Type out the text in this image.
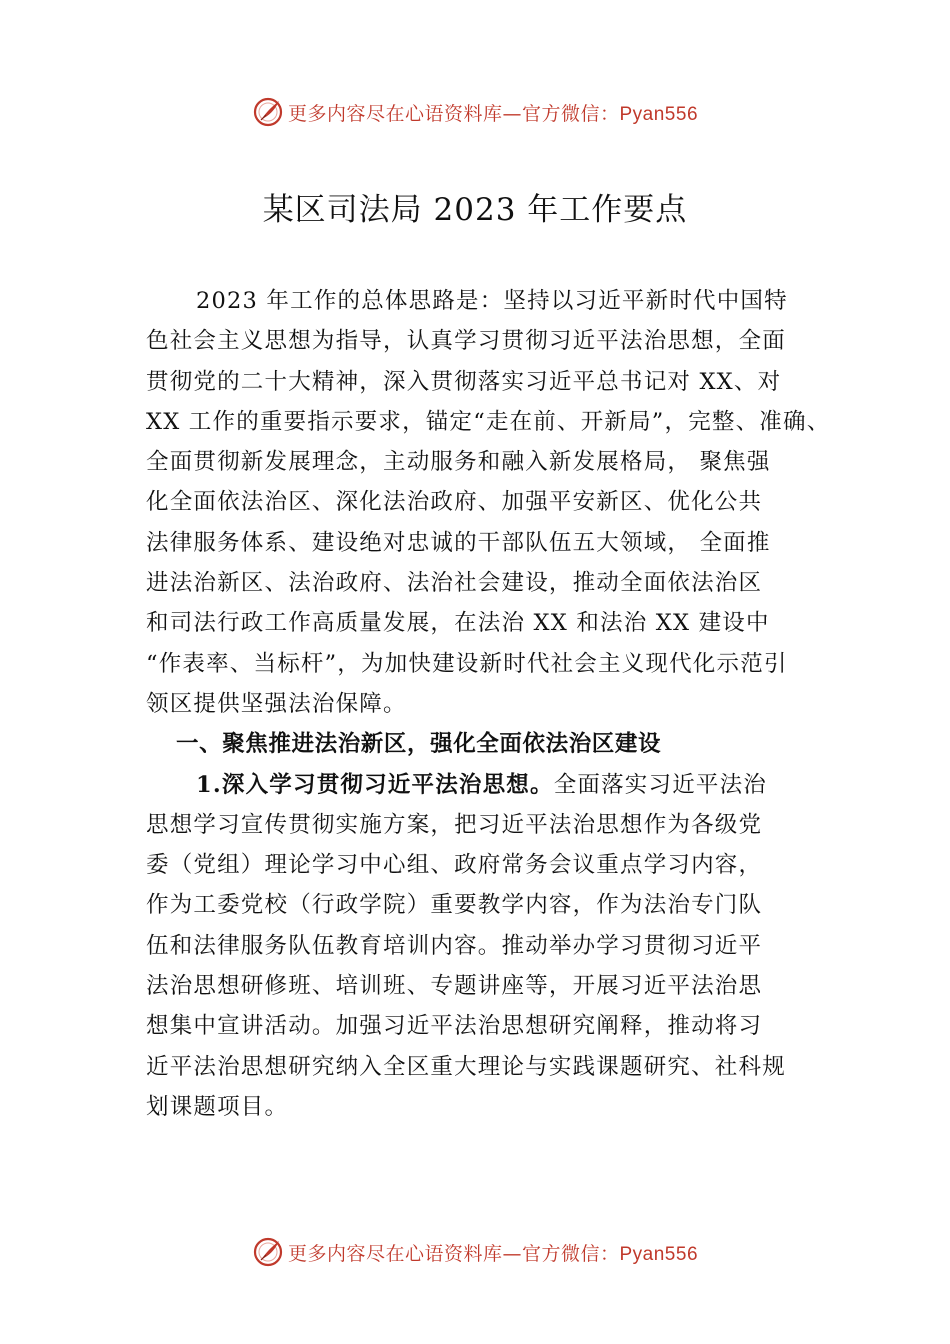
更多内容尽在心语资料库—官方微信：Pyan556
某区司法局 2023 年工作要点
2023 年工作的总体思路是：坚持以习近平新时代中国特
色社会主义思想为指导，认真学习贯彻习近平法治思想，全面
贯彻党的二十大精神，深入贯彻落实习近平总书记对 XX、对
XX 工作的重要指示要求，锚定“走在前、开新局”，完整、准确、
全面贯彻新发展理念，主动服务和融入新发展格局， 聚焦强
化全面依法治区、深化法治政府、加强平安新区、优化公共
法律服务体系、建设绝对忠诚的干部队伍五大领域， 全面推
进法治新区、法治政府、法治社会建设，推动全面依法治区
和司法行政工作高质量发展，在法治 XX 和法治 XX 建设中
“作表率、当标杆”，为加快建设新时代社会主义现代化示范引
领区提供坚强法治保障。
一、聚焦推进法治新区，强化全面依法治区建设
1.深入学习贯彻习近平法治思想。全面落实习近平法治
思想学习宣传贯彻实施方案，把习近平法治思想作为各级党
委（党组）理论学习中心组、政府常务会议重点学习内容，
作为工委党校（行政学院）重要教学内容，作为法治专门队
伍和法律服务队伍教育培训内容。推动举办学习贯彻习近平
法治思想研修班、培训班、专题讲座等，开展习近平法治思
想集中宣讲活动。加强习近平法治思想研究阐释，推动将习
近平法治思想研究纳入全区重大理论与实践课题研究、社科规
划课题项目。
更多内容尽在心语资料库—官方微信：Pyan556
